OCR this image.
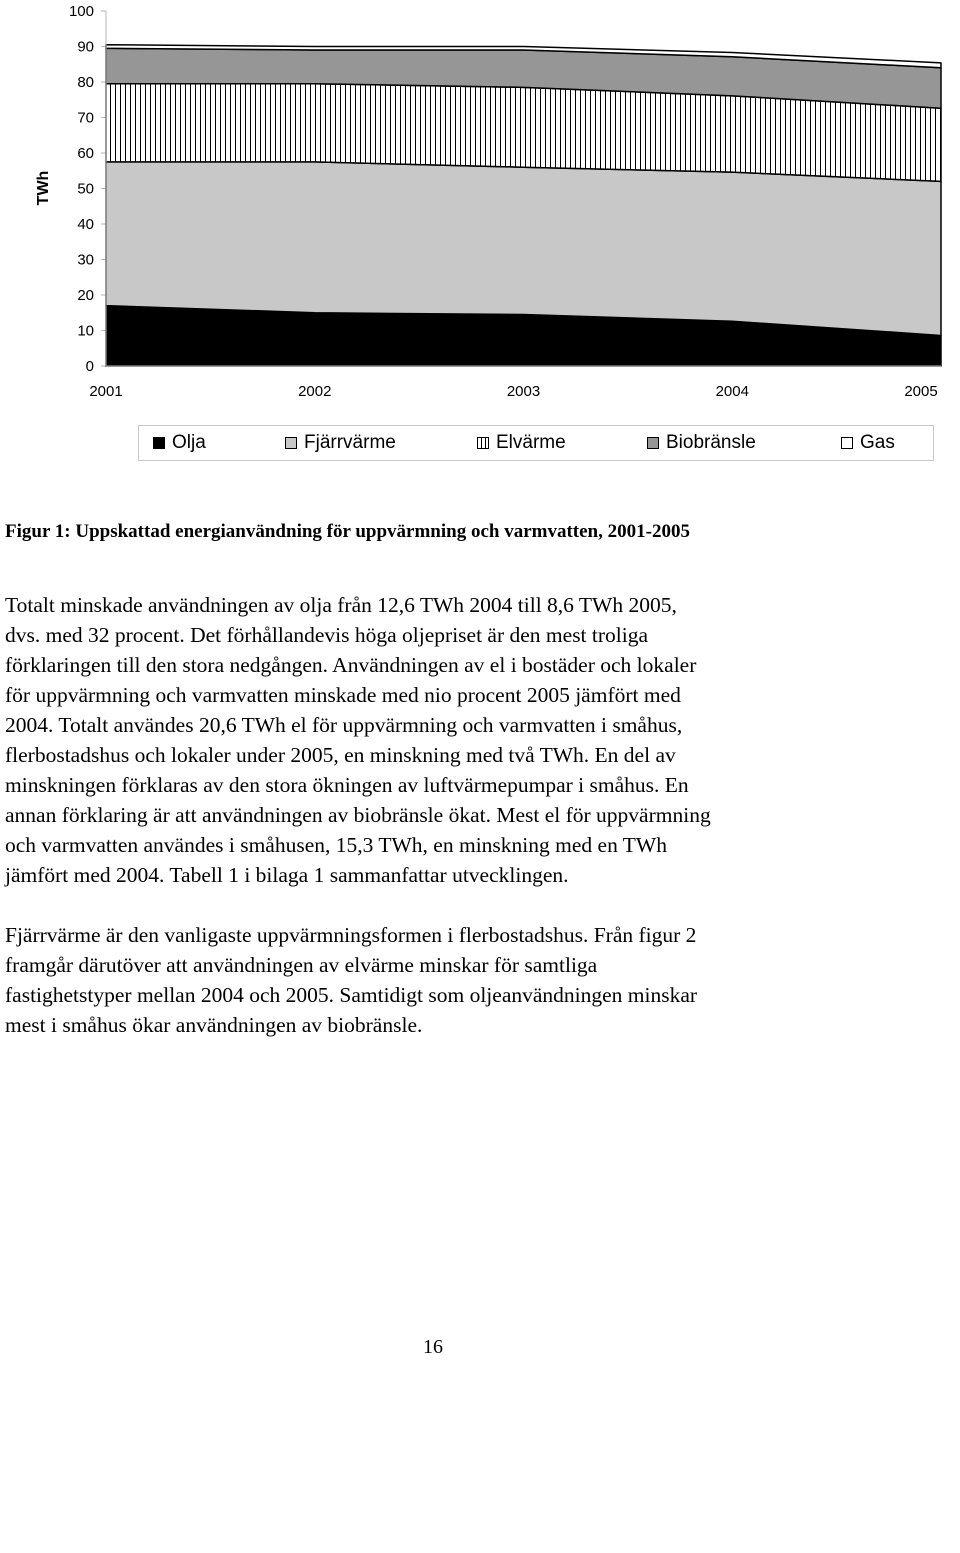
TWh
0
10
20
30
40
50
60
70
80
90
100
2001	2002	2003	2004	2005
Olja	Fjärrvärme	Elvärme	Biobränsle	Gas

Figur 1: Uppskattad energianvändning för uppvärmning och varmvatten, 2001-2005

Totalt minskade användningen av olja från 12,6 TWh 2004 till 8,6 TWh 2005,
dvs. med 32 procent. Det förhållandevis höga oljepriset är den mest troliga
förklaringen till den stora nedgången. Användningen av el i bostäder och lokaler
för uppvärmning och varmvatten minskade med nio procent 2005 jämfört med
2004. Totalt användes 20,6 TWh el för uppvärmning och varmvatten i småhus,
flerbostadshus och lokaler under 2005, en minskning med två TWh. En del av
minskningen förklaras av den stora ökningen av luftvärmepumpar i småhus. En
annan förklaring är att användningen av biobränsle ökat. Mest el för uppvärmning
och varmvatten användes i småhusen, 15,3 TWh, en minskning med en TWh
jämfört med 2004. Tabell 1 i bilaga 1 sammanfattar utvecklingen.
Fjärrvärme är den vanligaste uppvärmningsformen i flerbostadshus. Från figur 2
framgår därutöver att användningen av elvärme minskar för samtliga
fastighetstyper mellan 2004 och 2005. Samtidigt som oljeanvändningen minskar
mest i småhus ökar användningen av biobränsle.

16
